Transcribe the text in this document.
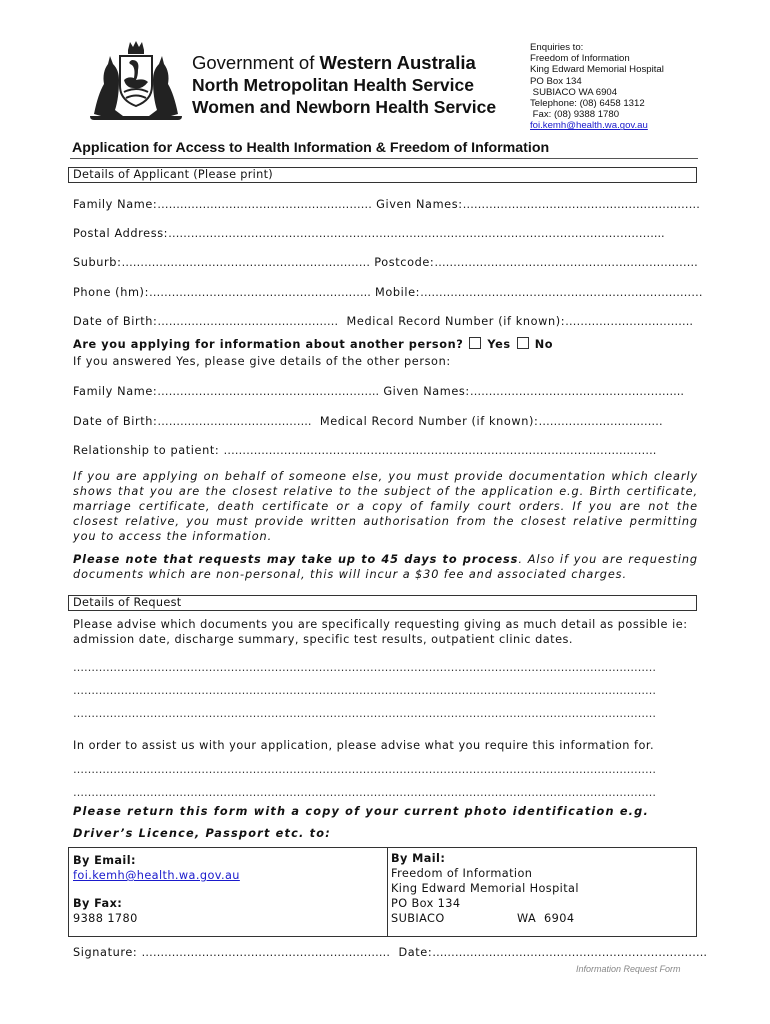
Government of Western Australia
North Metropolitan Health Service
Women and Newborn Health Service
Enquiries to:
Freedom of Information
King Edward Memorial Hospital
PO Box 134
SUBIACO WA 6904
Telephone: (08) 6458 1312
Fax: (08) 9388 1780
foi.kemh@health.wa.gov.au
Application for Access to Health Information & Freedom of Information
Details of Applicant (Please print)
Family Name:………………………………………………… Given Names:………………………………………………………
Postal Address:…………………………………………………………………………………………………………………...
Suburb:………………………………………………………… Postcode:…………………………………………………………….
Phone (hm):………………………………………………….. Mobile:…………………………………………………………………
Date of Birth:………………………………………… Medical Record Number (if known):…………………………….
Are you applying for information about another person? Yes No
If you answered Yes, please give details of the other person:
Family Name:………………………………………………….. Given Names:………………………………………………...
Date of Birth:………………………………….. Medical Record Number (if known):……………………………
Relationship to patient: …………………………………………………………………………………………………….
If you are applying on behalf of someone else, you must provide documentation which clearly shows that you are the closest relative to the subject of the application e.g. Birth certificate, marriage certificate, death certificate or a copy of family court orders. If you are not the closest relative, you must provide written authorisation from the closest relative permitting you to access the information.
Please note that requests may take up to 45 days to process. Also if you are requesting documents which are non-personal, this will incur a $30 fee and associated charges.
Details of Request
Please advise which documents you are specifically requesting giving as much detail as possible ie: admission date, discharge summary, specific test results, outpatient clinic dates.
……………………………………………………………………………………………………………………………………………
……………………………………………………………………………………………………………………………………………
……………………………………………………………………………………………………………………………………………
In order to assist us with your application, please advise what you require this information for.
……………………………………………………………………………………………………………………………………………
……………………………………………………………………………………………………………………………………………
Please return this form with a copy of your current photo identification e.g. Driver’s Licence, Passport etc. to:
By Email:
foi.kemh@health.wa.gov.au
By Fax:
9388 1780
By Mail:
Freedom of Information
King Edward Memorial Hospital
PO Box 134
SUBIACO	WA  6904
Signature: ………………………………………………………… Date:……………………………………………………………….
Information Request Form
